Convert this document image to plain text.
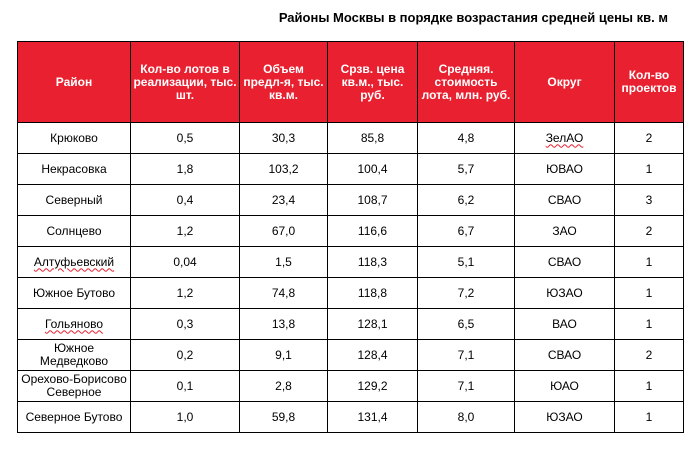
Районы Москвы в порядке возрастания средней цены кв. м
Район	Кол-во лотов в реализации, тыс. шт.	Объем предл-я, тыс. кв.м.	Срзв. цена кв.м., тыс. руб.	Средняя. стоимость лота, млн. руб.	Округ	Кол-во проектов
Крюково	0,5	30,3	85,8	4,8	ЗелАО	2
Некрасовка	1,8	103,2	100,4	5,7	ЮВАО	1
Северный	0,4	23,4	108,7	6,2	СВАО	3
Солнцево	1,2	67,0	116,6	6,7	ЗАО	2
Алтуфьевский	0,04	1,5	118,3	5,1	СВАО	1
Южное Бутово	1,2	74,8	118,8	7,2	ЮЗАО	1
Гольяново	0,3	13,8	128,1	6,5	ВАО	1
Южное Медведково	0,2	9,1	128,4	7,1	СВАО	2
Орехово-Борисово Северное	0,1	2,8	129,2	7,1	ЮАО	1
Северное Бутово	1,0	59,8	131,4	8,0	ЮЗАО	1
